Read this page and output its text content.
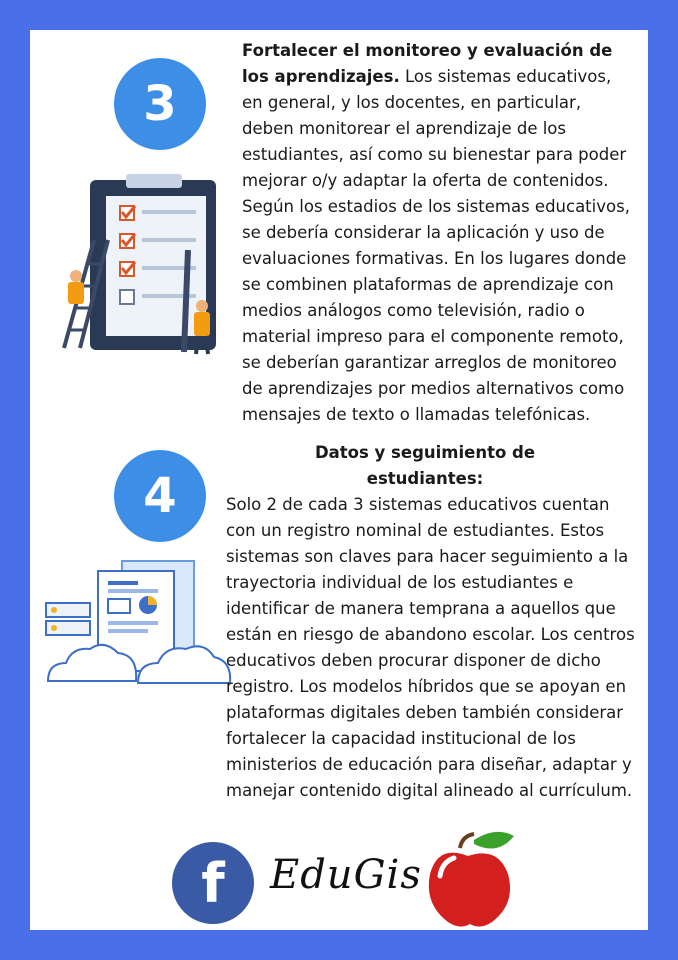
3
Fortalecer el monitoreo y evaluación de los aprendizajes. Los sistemas educativos, en general, y los docentes, en particular, deben monitorear el aprendizaje de los estudiantes, así como su bienestar para poder mejorar o/y adaptar la oferta de contenidos. Según los estadios de los sistemas educativos, se debería considerar la aplicación y uso de evaluaciones formativas. En los lugares donde se combinen plataformas de aprendizaje con medios análogos como televisión, radio o material impreso para el componente remoto, se deberían garantizar arreglos de monitoreo de aprendizajes por medios alternativos como mensajes de texto o llamadas telefónicas.
4
Datos y seguimiento de estudiantes:
Solo 2 de cada 3 sistemas educativos cuentan con un registro nominal de estudiantes. Estos sistemas son claves para hacer seguimiento a la trayectoria individual de los estudiantes e identificar de manera temprana a aquellos que están en riesgo de abandono escolar. Los centros educativos deben procurar disponer de dicho registro. Los modelos híbridos que se apoyan en plataformas digitales deben también considerar fortalecer la capacidad institucional de los ministerios de educación para diseñar, adaptar y manejar contenido digital alineado al currículum.
f	EduGis
